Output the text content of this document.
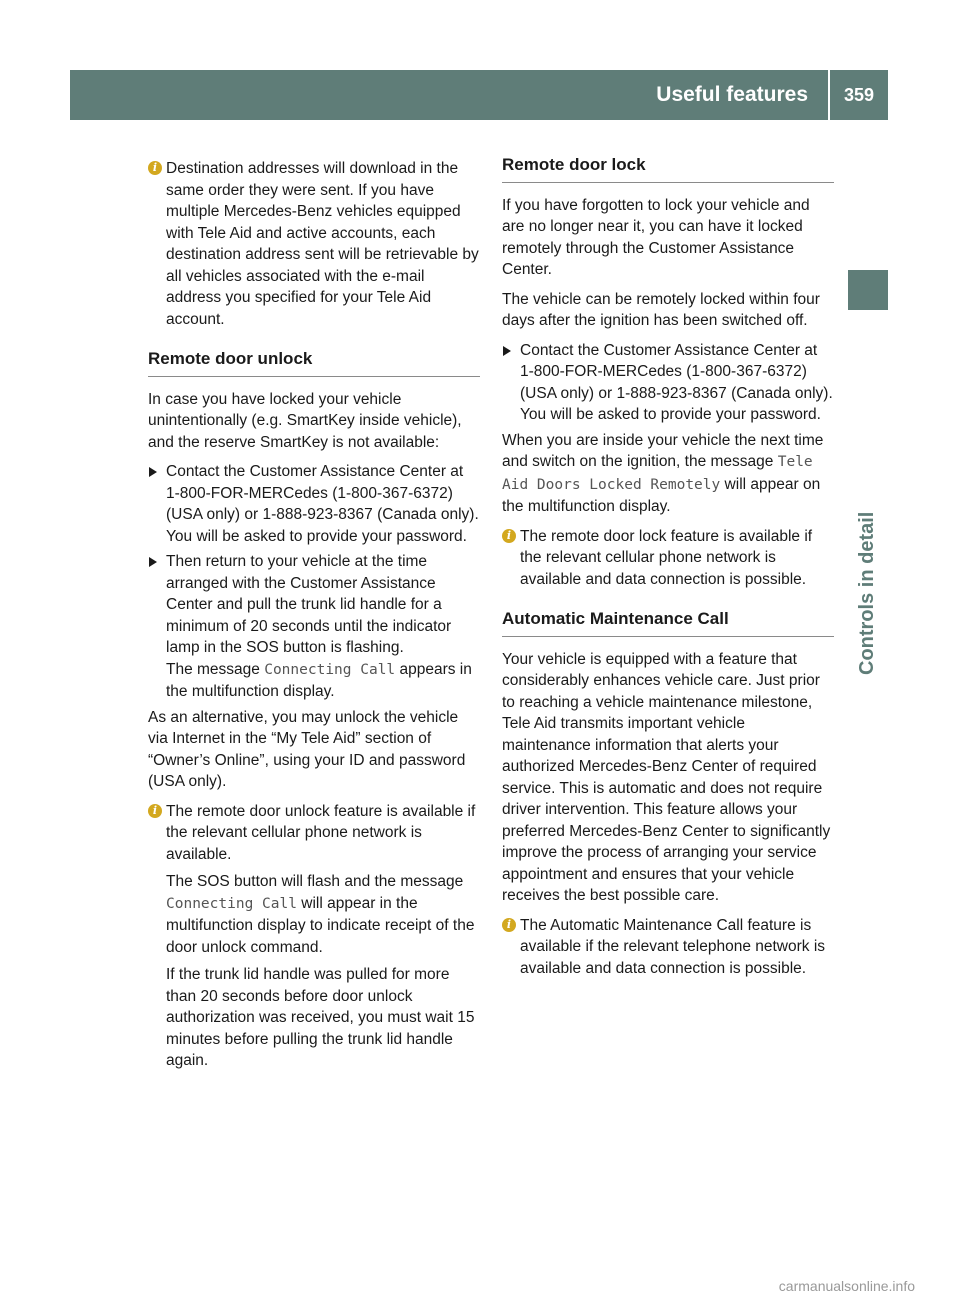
Useful features	359
Controls in detail
i Destination addresses will download in the same order they were sent. If you have multiple Mercedes-Benz vehicles equipped with Tele Aid and active accounts, each destination address sent will be retrievable by all vehicles associated with the e-mail address you specified for your Tele Aid account.
Remote door unlock
In case you have locked your vehicle unintentionally (e.g. SmartKey inside vehicle), and the reserve SmartKey is not available:
Contact the Customer Assistance Center at 1-800-FOR-MERCedes (1-800-367-6372) (USA only) or 1-888-923-8367 (Canada only).
You will be asked to provide your password.
Then return to your vehicle at the time arranged with the Customer Assistance Center and pull the trunk lid handle for a minimum of 20 seconds until the indicator lamp in the SOS button is flashing.
The message Connecting Call appears in the multifunction display.
As an alternative, you may unlock the vehicle via Internet in the “My Tele Aid” section of “Owner’s Online”, using your ID and password (USA only).
i The remote door unlock feature is available if the relevant cellular phone network is available.
The SOS button will flash and the message Connecting Call will appear in the multifunction display to indicate receipt of the door unlock command.
If the trunk lid handle was pulled for more than 20 seconds before door unlock authorization was received, you must wait 15 minutes before pulling the trunk lid handle again.
Remote door lock
If you have forgotten to lock your vehicle and are no longer near it, you can have it locked remotely through the Customer Assistance Center.
The vehicle can be remotely locked within four days after the ignition has been switched off.
Contact the Customer Assistance Center at 1-800-FOR-MERCedes (1-800-367-6372) (USA only) or 1-888-923-8367 (Canada only).
You will be asked to provide your password.
When you are inside your vehicle the next time and switch on the ignition, the message Tele Aid Doors Locked Remotely will appear on the multifunction display.
i The remote door lock feature is available if the relevant cellular phone network is available and data connection is possible.
Automatic Maintenance Call
Your vehicle is equipped with a feature that considerably enhances vehicle care. Just prior to reaching a vehicle maintenance milestone, Tele Aid transmits important vehicle maintenance information that alerts your authorized Mercedes-Benz Center of required service. This is automatic and does not require driver intervention. This feature allows your preferred Mercedes-Benz Center to significantly improve the process of arranging your service appointment and ensures that your vehicle receives the best possible care.
i The Automatic Maintenance Call feature is available if the relevant telephone network is available and data connection is possible.
carmanualsonline.info
